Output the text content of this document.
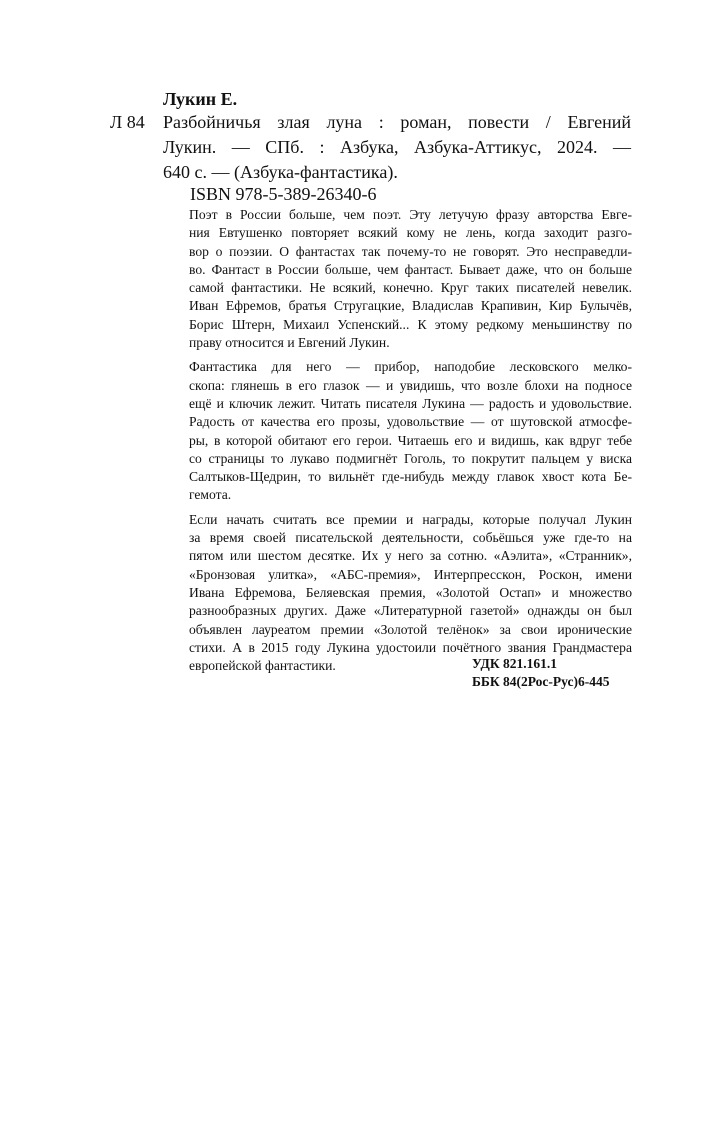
Лукин Е.
Л 84 Разбойничья злая луна : роман, повести / Евгений
Лукин. — СПб. : Азбука, Азбука-Аттикус, 2024. —
640 с. — (Азбука-фантастика).
ISBN 978-5-389-26340-6

Поэт в России больше, чем поэт. Эту летучую фразу авторства Евге-
ния Евтушенко повторяет всякий кому не лень, когда заходит разго-
вор о поэзии. О фантастах так почему-то не говорят. Это несправедли-
во. Фантаст в России больше, чем фантаст. Бывает даже, что он больше
самой фантастики. Не всякий, конечно. Круг таких писателей невелик.
Иван Ефремов, братья Стругацкие, Владислав Крапивин, Кир Булычёв,
Борис Штерн, Михаил Успенский... К этому редкому меньшинству по
праву относится и Евгений Лукин.

Фантастика для него — прибор, наподобие лесковского мелко-
скопа: глянешь в его глазок — и увидишь, что возле блохи на подносе
ещё и ключик лежит. Читать писателя Лукина — радость и удовольствие.
Радость от качества его прозы, удовольствие — от шутовской атмосфе-
ры, в которой обитают его герои. Читаешь его и видишь, как вдруг тебе
со страницы то лукаво подмигнёт Гоголь, то покрутит пальцем у виска
Салтыков-Щедрин, то вильнёт где-нибудь между главок хвост кота Бе-
гемота.

Если начать считать все премии и награды, которые получал Лукин
за время своей писательской деятельности, собьёшься уже где-то на
пятом или шестом десятке. Их у него за сотню. «Аэлита», «Странник»,
«Бронзовая улитка», «АБС-премия», Интерпресскон, Роскон, имени
Ивана Ефремова, Беляевская премия, «Золотой Остап» и множество
разнообразных других. Даже «Литературной газетой» однажды он был
объявлен лауреатом премии «Золотой телёнок» за свои иронические
стихи. А в 2015 году Лукина удостоили почётного звания Грандмастера
европейской фантастики.	УДК 821.161.1
ББК 84(2Рос-Рус)6-445
